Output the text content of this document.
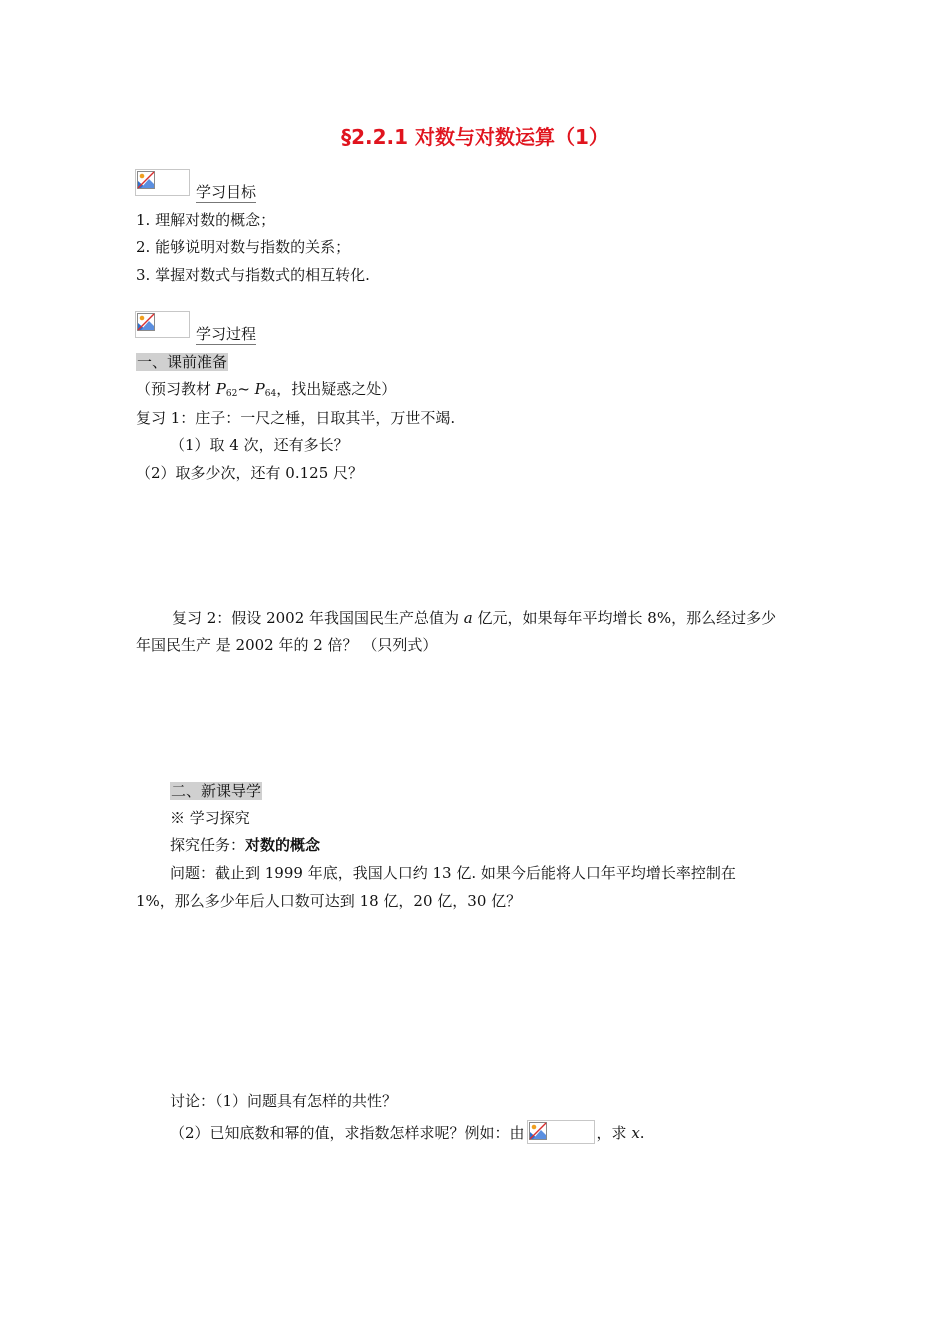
§2.2.1 对数与对数运算（1）
学习目标
1. 理解对数的概念；
2. 能够说明对数与指数的关系；
3. 掌握对数式与指数式的相互转化.
学习过程
一、课前准备
（预习教材 $P_{62}\sim$ $P_{64}$，找出疑惑之处）
复习 1：庄子：一尺之棰，日取其半，万世不竭.
（1）取 4 次，还有多长？
（2）取多少次，还有 0.125 尺？
复习 2：假设 2002 年我国国民生产总值为 a 亿元，如果每年平均增长 8%，那么经过多少
年国民生产 是 2002 年的 2 倍？ （只列式）
二、新课导学
※ 学习探究
探究任务：对数的概念
问题：截止到 1999 年底，我国人口约 13 亿. 如果今后能将人口年平均增长率控制在
1%，那么多少年后人口数可达到 18 亿，20 亿，30 亿？
讨论：（1）问题具有怎样的共性？
（2）已知底数和幂的值，求指数怎样求呢？例如：由	，求 x.
